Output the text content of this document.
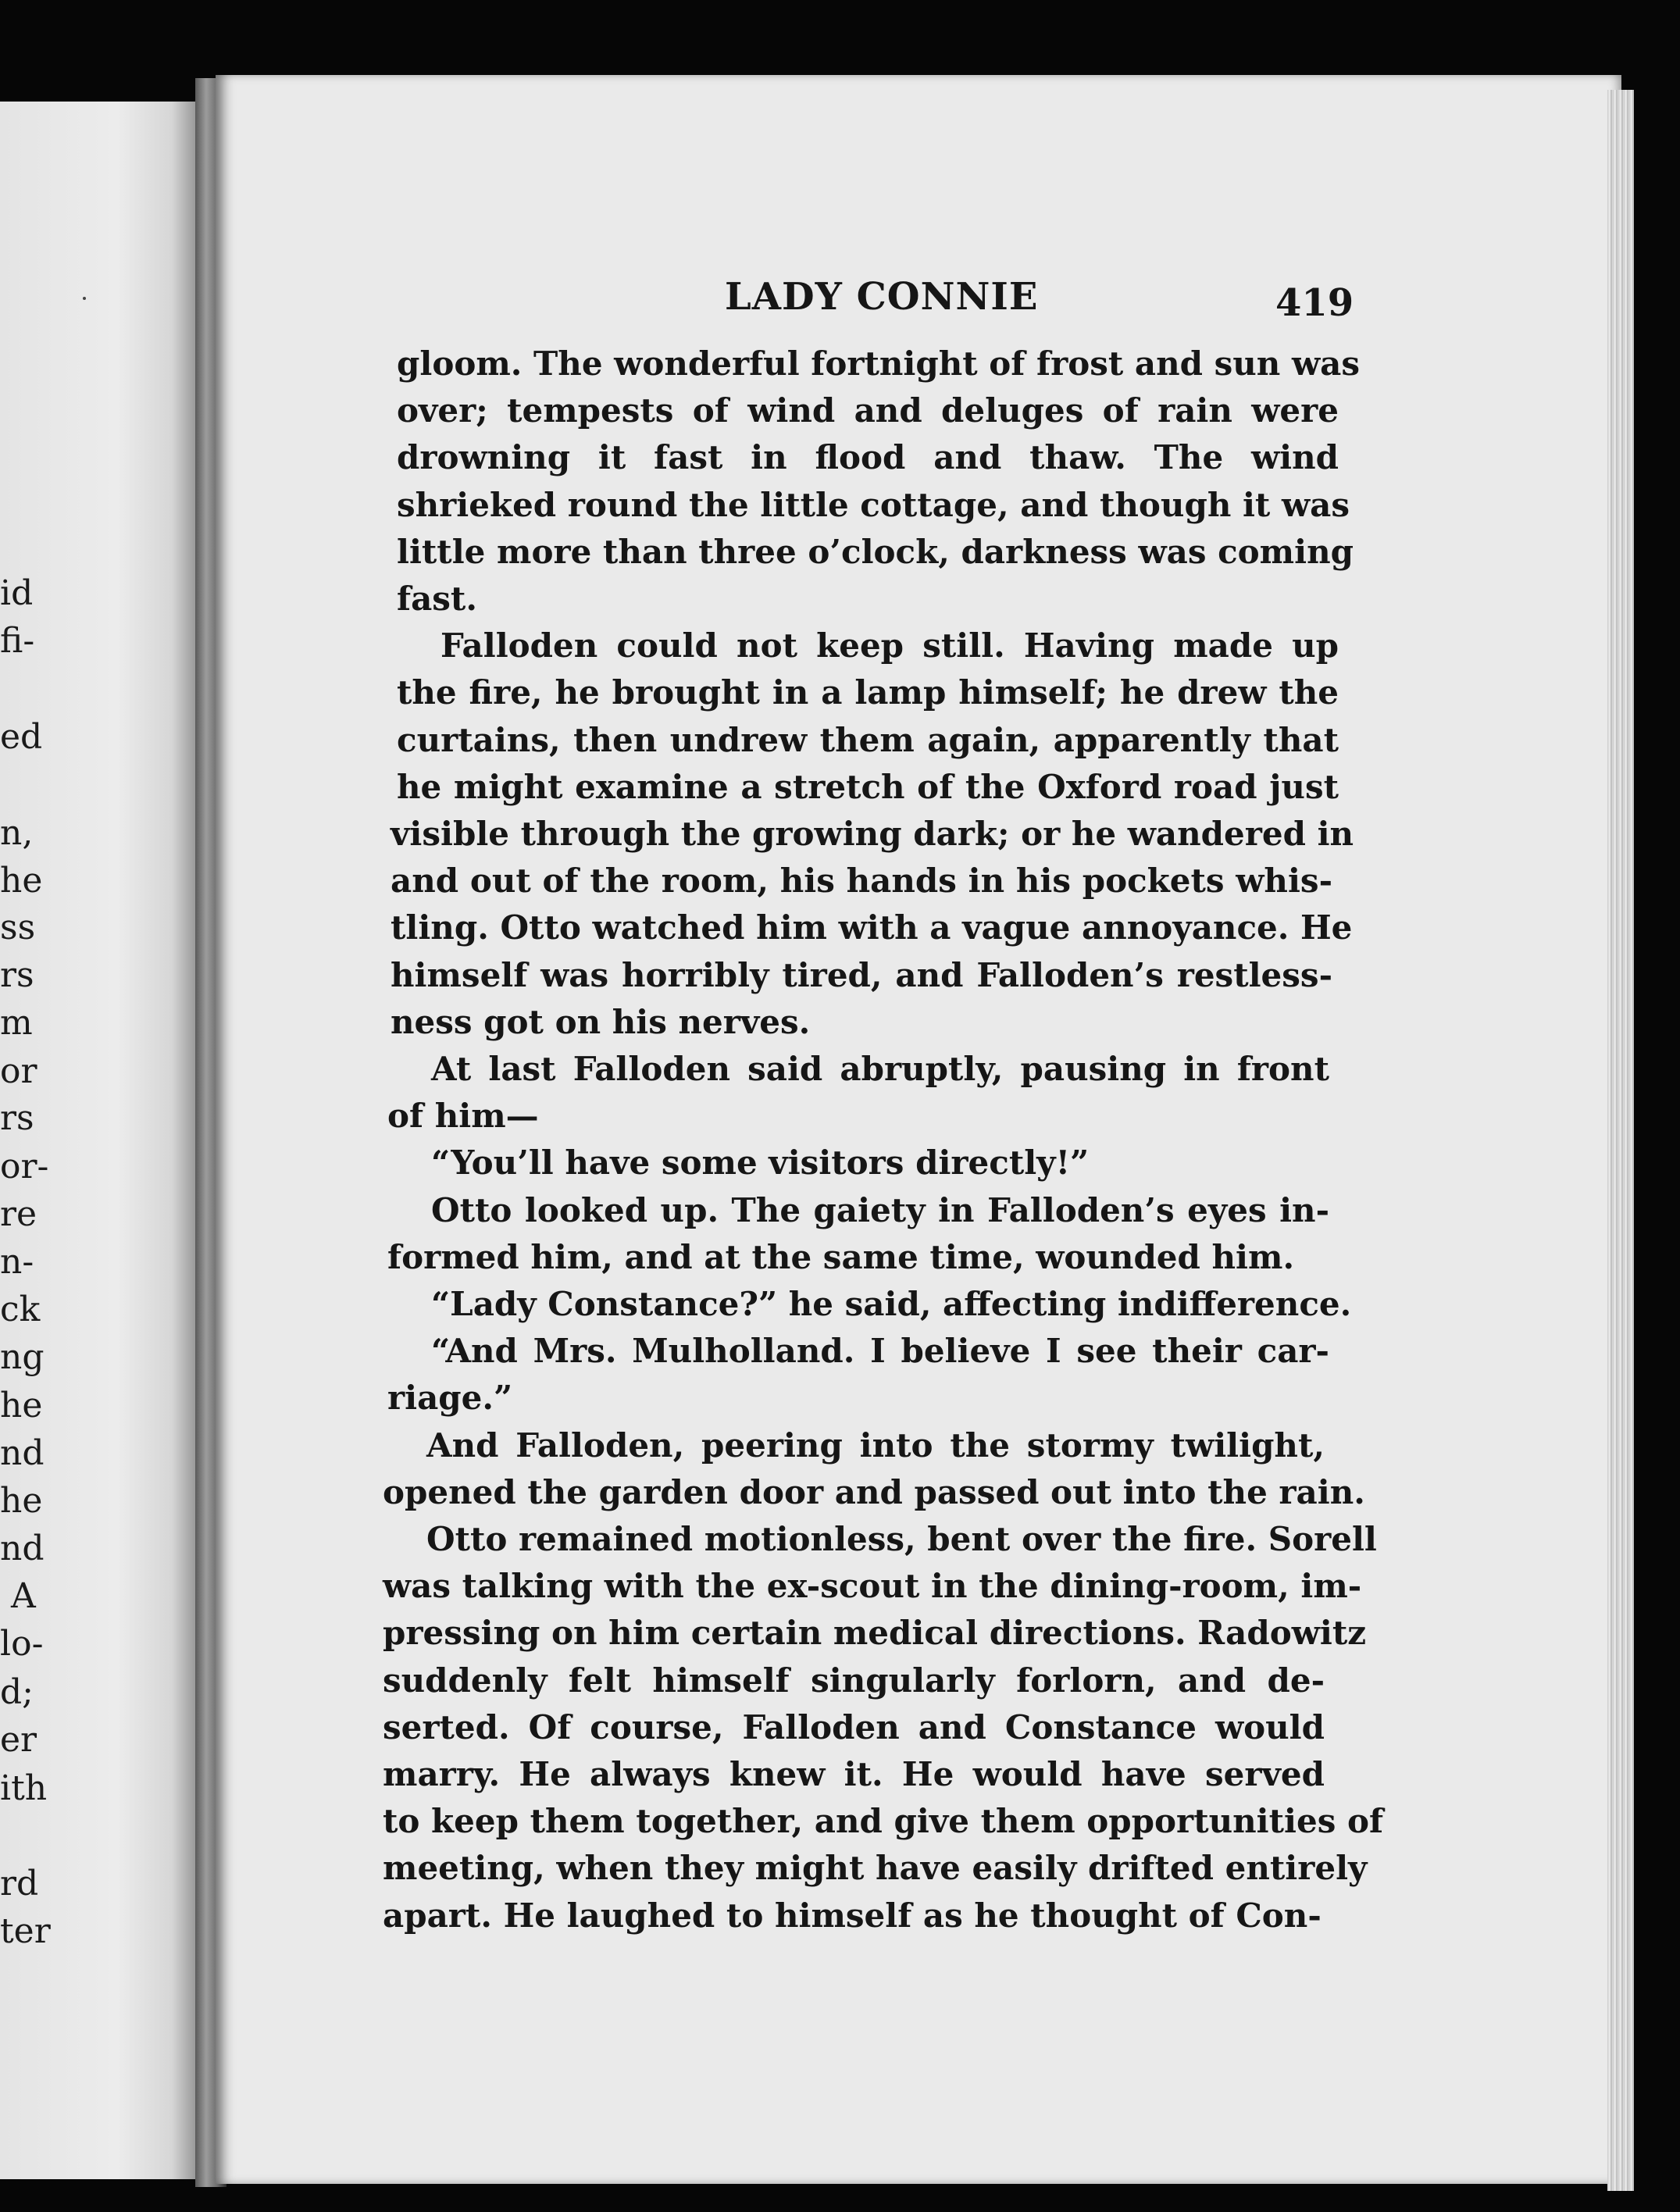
id
fi-
ed
n,
he
ss
rs
m
or
rs
or-
re
n-
ck
ng
he
nd
he
nd
A
lo-
d;
er
ith
rd
ter
LADY CONNIE	419
gloom. The wonderful fortnight of frost and sun was
over; tempests of wind and deluges of rain were
drowning it fast in flood and thaw. The wind
shrieked round the little cottage, and though it was
little more than three o’clock, darkness was coming
fast.
Falloden could not keep still. Having made up
the fire, he brought in a lamp himself; he drew the
curtains, then undrew them again, apparently that
he might examine a stretch of the Oxford road just
visible through the growing dark; or he wandered in
and out of the room, his hands in his pockets whis-
tling. Otto watched him with a vague annoyance. He
himself was horribly tired, and Falloden’s restless-
ness got on his nerves.
At last Falloden said abruptly, pausing in front
of him—
“You’ll have some visitors directly!”
Otto looked up. The gaiety in Falloden’s eyes in-
formed him, and at the same time, wounded him.
“Lady Constance?” he said, affecting indifference.
“And Mrs. Mulholland. I believe I see their car-
riage.”
And Falloden, peering into the stormy twilight,
opened the garden door and passed out into the rain.
Otto remained motionless, bent over the fire. Sorell
was talking with the ex-scout in the dining-room, im-
pressing on him certain medical directions. Radowitz
suddenly felt himself singularly forlorn, and de-
serted. Of course, Falloden and Constance would
marry. He always knew it. He would have served
to keep them together, and give them opportunities of
meeting, when they might have easily drifted entirely
apart. He laughed to himself as he thought of Con-
